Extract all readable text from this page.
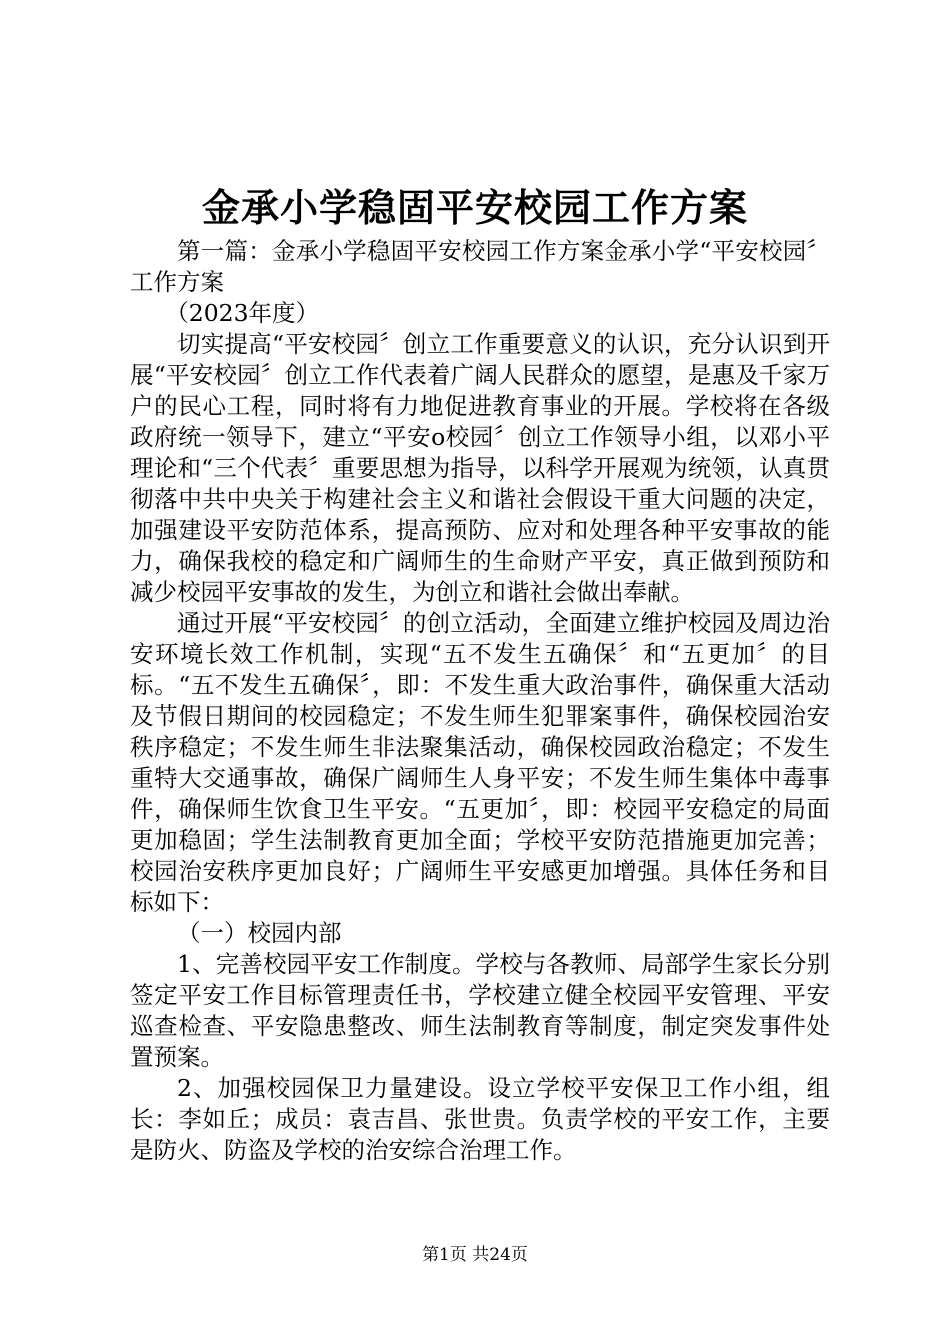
金承小学稳固平安校园工作方案

第一篇：金承小学稳固平安校园工作方案金承小学“平安校园〞工作方案

（2023年度）

切实提高“平安校园〞创立工作重要意义的认识，充分认识到开展“平安校园〞创立工作代表着广阔人民群众的愿望，是惠及千家万户的民心工程，同时将有力地促进教育事业的开展。学校将在各级政府统一领导下，建立“平安ο校园〞创立工作领导小组，以邓小平理论和“三个代表〞重要思想为指导，以科学开展观为统领，认真贯彻落中共中央关于构建社会主义和谐社会假设干重大问题的决定，加强建设平安防范体系，提高预防、应对和处理各种平安事故的能力，确保我校的稳定和广阔师生的生命财产平安，真正做到预防和减少校园平安事故的发生，为创立和谐社会做出奉献。

通过开展“平安校园〞的创立活动，全面建立维护校园及周边治安环境长效工作机制，实现“五不发生五确保〞和“五更加〞的目标。“五不发生五确保〞，即：不发生重大政治事件，确保重大活动及节假日期间的校园稳定；不发生师生犯罪案事件，确保校园治安秩序稳定；不发生师生非法聚集活动，确保校园政治稳定；不发生重特大交通事故，确保广阔师生人身平安；不发生师生集体中毒事件，确保师生饮食卫生平安。“五更加〞，即：校园平安稳定的局面更加稳固；学生法制教育更加全面；学校平安防范措施更加完善；校园治安秩序更加良好；广阔师生平安感更加增强。具体任务和目标如下：

（一）校园内部

1、完善校园平安工作制度。学校与各教师、局部学生家长分别签定平安工作目标管理责任书，学校建立健全校园平安管理、平安巡查检查、平安隐患整改、师生法制教育等制度，制定突发事件处置预案。

2、加强校园保卫力量建设。设立学校平安保卫工作小组，组长：李如丘；成员：袁吉昌、张世贵。负责学校的平安工作，主要是防火、防盗及学校的治安综合治理工作。

第1页 共24页
